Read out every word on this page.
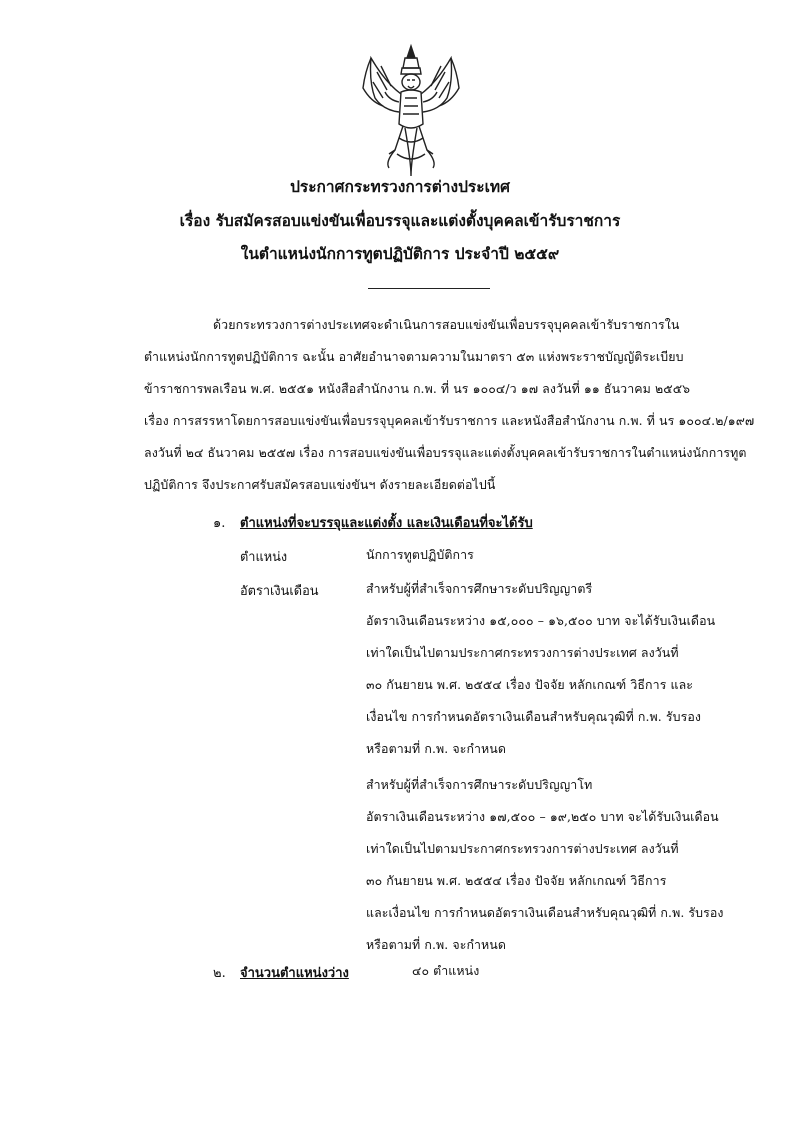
ประกาศกระทรวงการต่างประเทศ
เรื่อง รับสมัครสอบแข่งขันเพื่อบรรจุและแต่งตั้งบุคคลเข้ารับราชการ
ในตำแหน่งนักการทูตปฏิบัติการ ประจำปี ๒๕๕๙
ด้วยกระทรวงการต่างประเทศจะดำเนินการสอบแข่งขันเพื่อบรรจุบุคคลเข้ารับราชการใน
ตำแหน่งนักการทูตปฏิบัติการ ฉะนั้น อาศัยอำนาจตามความในมาตรา ๕๓ แห่งพระราชบัญญัติระเบียบ
ข้าราชการพลเรือน พ.ศ. ๒๕๕๑ หนังสือสำนักงาน ก.พ. ที่ นร ๑๐๐๔/ว ๑๗ ลงวันที่ ๑๑ ธันวาคม ๒๕๕๖
เรื่อง การสรรหาโดยการสอบแข่งขันเพื่อบรรจุบุคคลเข้ารับราชการ และหนังสือสำนักงาน ก.พ. ที่ นร ๑๐๐๔.๒/๑๙๗
ลงวันที่ ๒๔ ธันวาคม ๒๕๕๗ เรื่อง การสอบแข่งขันเพื่อบรรจุและแต่งตั้งบุคคลเข้ารับราชการในตำแหน่งนักการทูต
ปฏิบัติการ จึงประกาศรับสมัครสอบแข่งขันฯ ดังรายละเอียดต่อไปนี้
๑. ตำแหน่งที่จะบรรจุและแต่งตั้ง และเงินเดือนที่จะได้รับ
ตำแหน่ง	นักการทูตปฏิบัติการ
อัตราเงินเดือน	สำหรับผู้ที่สำเร็จการศึกษาระดับปริญญาตรี
อัตราเงินเดือนระหว่าง ๑๕,๐๐๐ – ๑๖,๕๐๐ บาท จะได้รับเงินเดือน
เท่าใดเป็นไปตามประกาศกระทรวงการต่างประเทศ ลงวันที่
๓๐ กันยายน พ.ศ. ๒๕๕๔ เรื่อง ปัจจัย หลักเกณฑ์ วิธีการ และ
เงื่อนไข การกำหนดอัตราเงินเดือนสำหรับคุณวุฒิที่ ก.พ. รับรอง
หรือตามที่ ก.พ. จะกำหนด
สำหรับผู้ที่สำเร็จการศึกษาระดับปริญญาโท
อัตราเงินเดือนระหว่าง ๑๗,๕๐๐ – ๑๙,๒๕๐ บาท จะได้รับเงินเดือน
เท่าใดเป็นไปตามประกาศกระทรวงการต่างประเทศ ลงวันที่
๓๐ กันยายน พ.ศ. ๒๕๕๔ เรื่อง ปัจจัย หลักเกณฑ์ วิธีการ
และเงื่อนไข การกำหนดอัตราเงินเดือนสำหรับคุณวุฒิที่ ก.พ. รับรอง
หรือตามที่ ก.พ. จะกำหนด
๒. จำนวนตำแหน่งว่าง	๔๐ ตำแหน่ง
